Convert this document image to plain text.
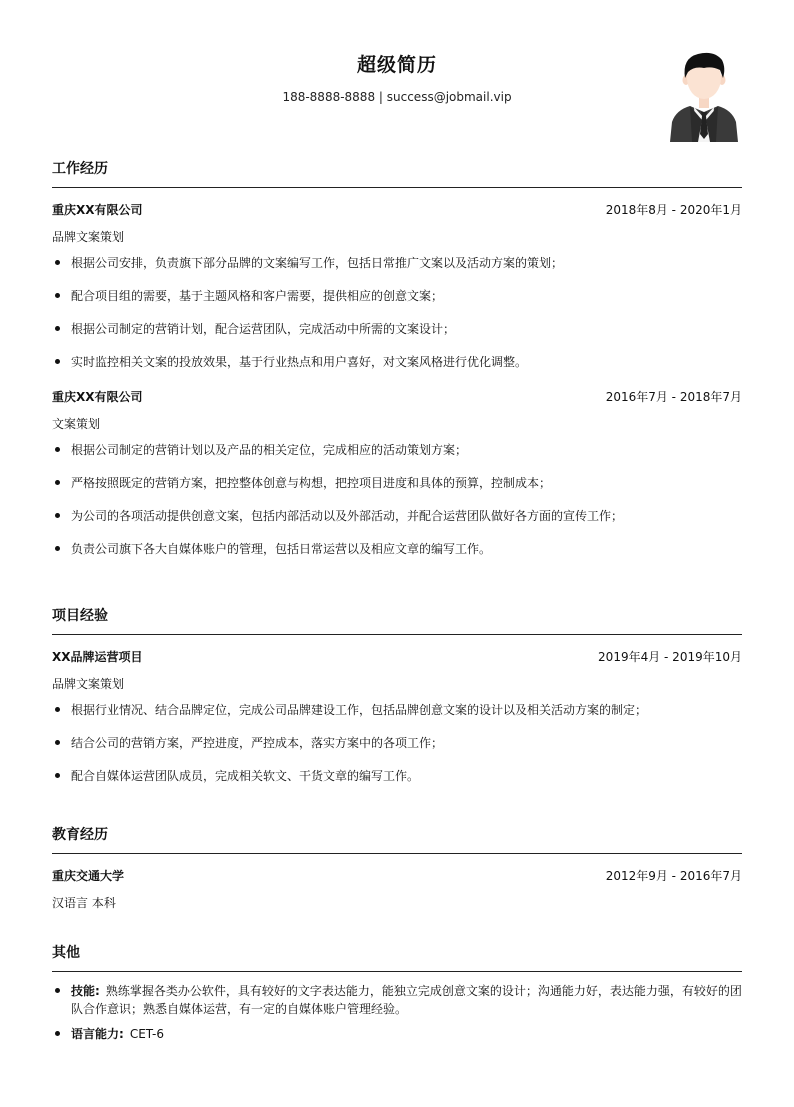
超级简历
188-8888-8888 | success@jobmail.vip
工作经历
重庆XX有限公司	2018年8月 - 2020年1月
品牌文案策划
根据公司安排，负责旗下部分品牌的文案编写工作，包括日常推广文案以及活动方案的策划；
配合项目组的需要，基于主题风格和客户需要，提供相应的创意文案；
根据公司制定的营销计划，配合运营团队，完成活动中所需的文案设计；
实时监控相关文案的投放效果，基于行业热点和用户喜好，对文案风格进行优化调整。
重庆XX有限公司	2016年7月 - 2018年7月
文案策划
根据公司制定的营销计划以及产品的相关定位，完成相应的活动策划方案；
严格按照既定的营销方案，把控整体创意与构想，把控项目进度和具体的预算，控制成本；
为公司的各项活动提供创意文案，包括内部活动以及外部活动，并配合运营团队做好各方面的宣传工作；
负责公司旗下各大自媒体账户的管理，包括日常运营以及相应文章的编写工作。
项目经验
XX品牌运营项目	2019年4月 - 2019年10月
品牌文案策划
根据行业情况、结合品牌定位，完成公司品牌建设工作，包括品牌创意文案的设计以及相关活动方案的制定；
结合公司的营销方案，严控进度，严控成本，落实方案中的各项工作；
配合自媒体运营团队成员，完成相关软文、干货文章的编写工作。
教育经历
重庆交通大学	2012年9月 - 2016年7月
汉语言 本科
其他
技能: 熟练掌握各类办公软件，具有较好的文字表达能力，能独立完成创意文案的设计；沟通能力好，表达能力强，有较好的团队合作意识；熟悉自媒体运营，有一定的自媒体账户管理经验。
语言能力: CET-6
